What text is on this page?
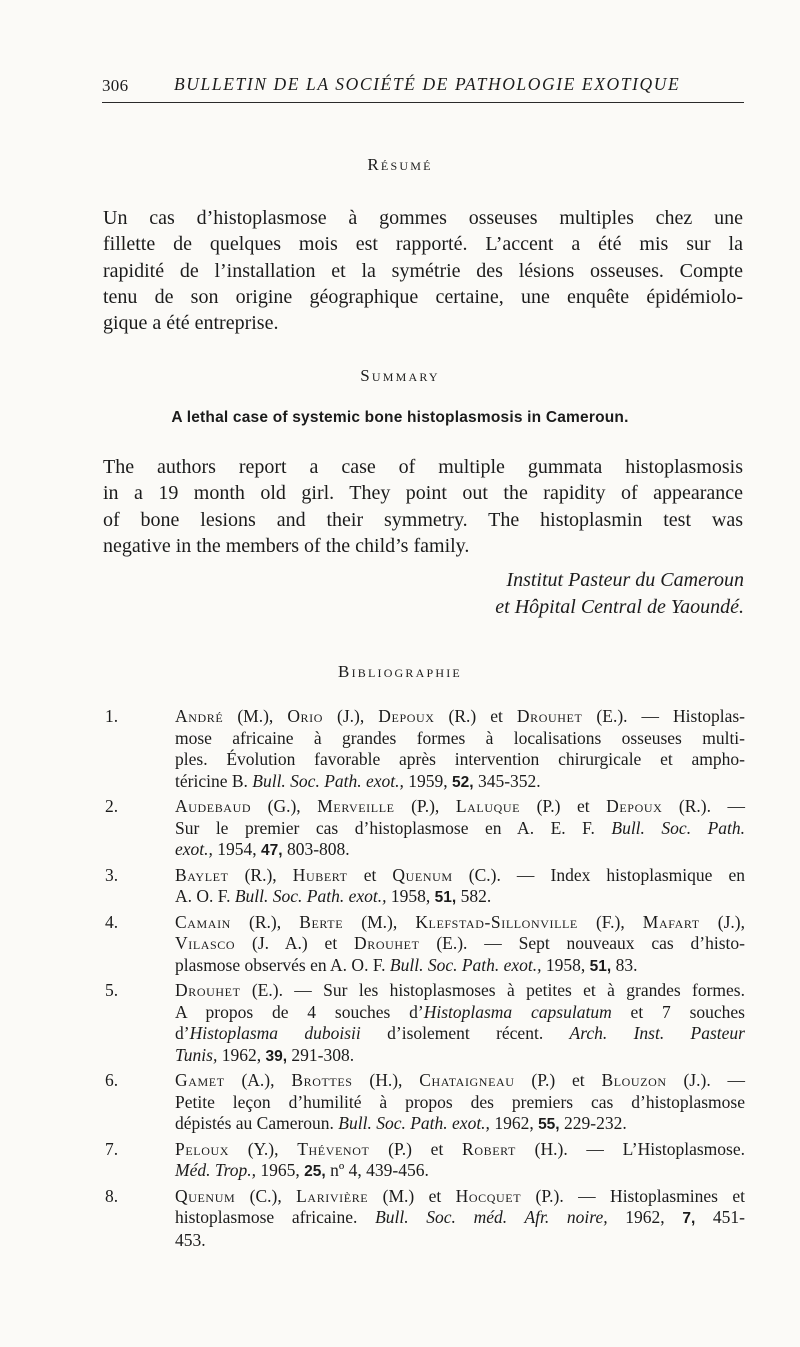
306	BULLETIN DE LA SOCIÉTÉ DE PATHOLOGIE EXOTIQUE
Résumé
Un cas d’histoplasmose à gommes osseuses multiples chez une
fillette de quelques mois est rapporté. L’accent a été mis sur la
rapidité de l’installation et la symétrie des lésions osseuses. Compte
tenu de son origine géographique certaine, une enquête épidémiolo-
gique a été entreprise.
Summary
A lethal case of systemic bone histoplasmosis in Cameroun.
The authors report a case of multiple gummata histoplasmosis
in a 19 month old girl. They point out the rapidity of appearance
of bone lesions and their symmetry. The histoplasmin test was
negative in the members of the child’s family.
Institut Pasteur du Cameroun
et Hôpital Central de Yaoundé.
Bibliographie
1.	André (M.), Orio (J.), Depoux (R.) et Drouhet (E.). — Histoplas-
mose africaine à grandes formes à localisations osseuses multi-
ples. Évolution favorable après intervention chirurgicale et ampho-
téricine B. Bull. Soc. Path. exot., 1959, 52, 345-352.
2.	Audebaud (G.), Merveille (P.), Laluque (P.) et Depoux (R.). —
Sur le premier cas d’histoplasmose en A. E. F. Bull. Soc. Path.
exot., 1954, 47, 803-808.
3.	Baylet (R.), Hubert et Quenum (C.). — Index histoplasmique en
A. O. F. Bull. Soc. Path. exot., 1958, 51, 582.
4.	Camain (R.), Berte (M.), Klefstad-Sillonville (F.), Mafart (J.),
Vilasco (J. A.) et Drouhet (E.). — Sept nouveaux cas d’histo-
plasmose observés en A. O. F. Bull. Soc. Path. exot., 1958, 51, 83.
5.	Drouhet (E.). — Sur les histoplasmoses à petites et à grandes formes.
A propos de 4 souches d’Histoplasma capsulatum et 7 souches
d’Histoplasma duboisii d’isolement récent. Arch. Inst. Pasteur
Tunis, 1962, 39, 291-308.
6.	Gamet (A.), Brottes (H.), Chataigneau (P.) et Blouzon (J.). —
Petite leçon d’humilité à propos des premiers cas d’histoplasmose
dépistés au Cameroun. Bull. Soc. Path. exot., 1962, 55, 229-232.
7.	Peloux (Y.), Thévenot (P.) et Robert (H.). — L’Histoplasmose.
Méd. Trop., 1965, 25, nº 4, 439-456.
8.	Quenum (C.), Larivière (M.) et Hocquet (P.). — Histoplasmines et
histoplasmose africaine. Bull. Soc. méd. Afr. noire, 1962, 7, 451-
453.
